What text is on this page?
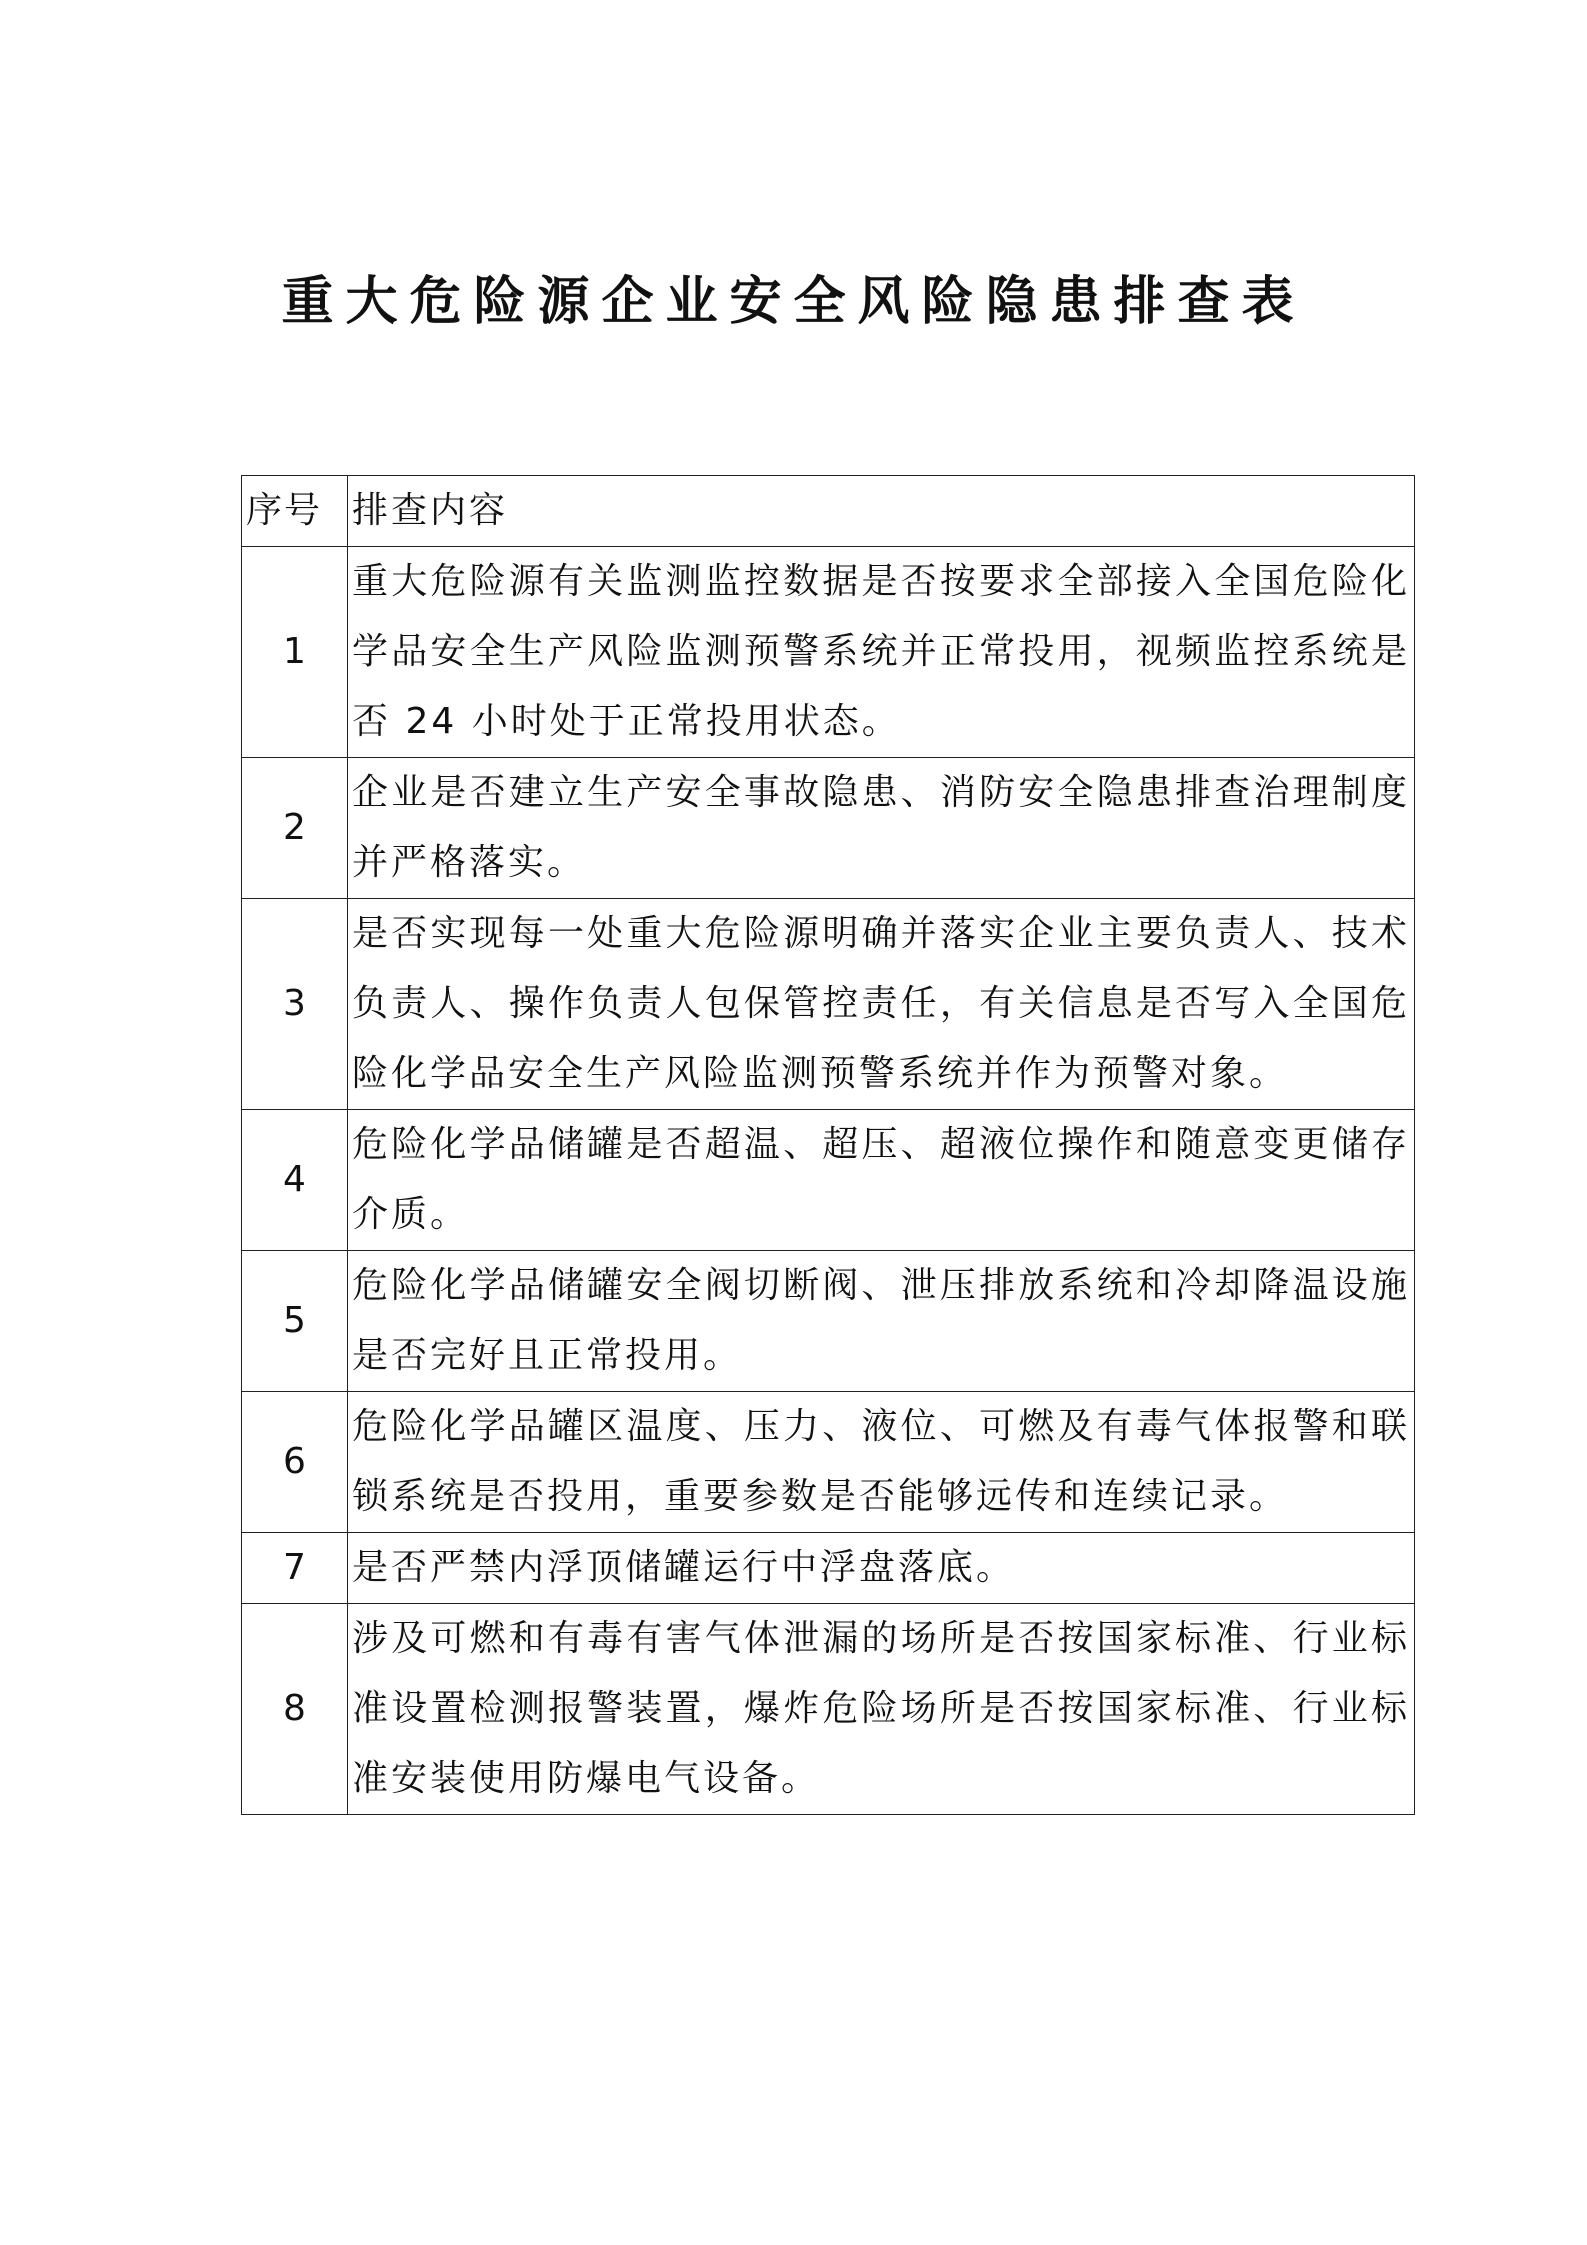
重大危险源企业安全风险隐患排查表
序号	排查内容
1	重大危险源有关监测监控数据是否按要求全部接入全国危险化学品安全生产风险监测预警系统并正常投用，视频监控系统是否 24 小时处于正常投用状态。
2	企业是否建立生产安全事故隐患、消防安全隐患排查治理制度并严格落实。
3	是否实现每一处重大危险源明确并落实企业主要负责人、技术负责人、操作负责人包保管控责任，有关信息是否写入全国危险化学品安全生产风险监测预警系统并作为预警对象。
4	危险化学品储罐是否超温、超压、超液位操作和随意变更储存介质。
5	危险化学品储罐安全阀切断阀、泄压排放系统和冷却降温设施是否完好且正常投用。
6	危险化学品罐区温度、压力、液位、可燃及有毒气体报警和联锁系统是否投用，重要参数是否能够远传和连续记录。
7	是否严禁内浮顶储罐运行中浮盘落底。
8	涉及可燃和有毒有害气体泄漏的场所是否按国家标准、行业标准设置检测报警装置，爆炸危险场所是否按国家标准、行业标 准安装使用防爆电气设备。
